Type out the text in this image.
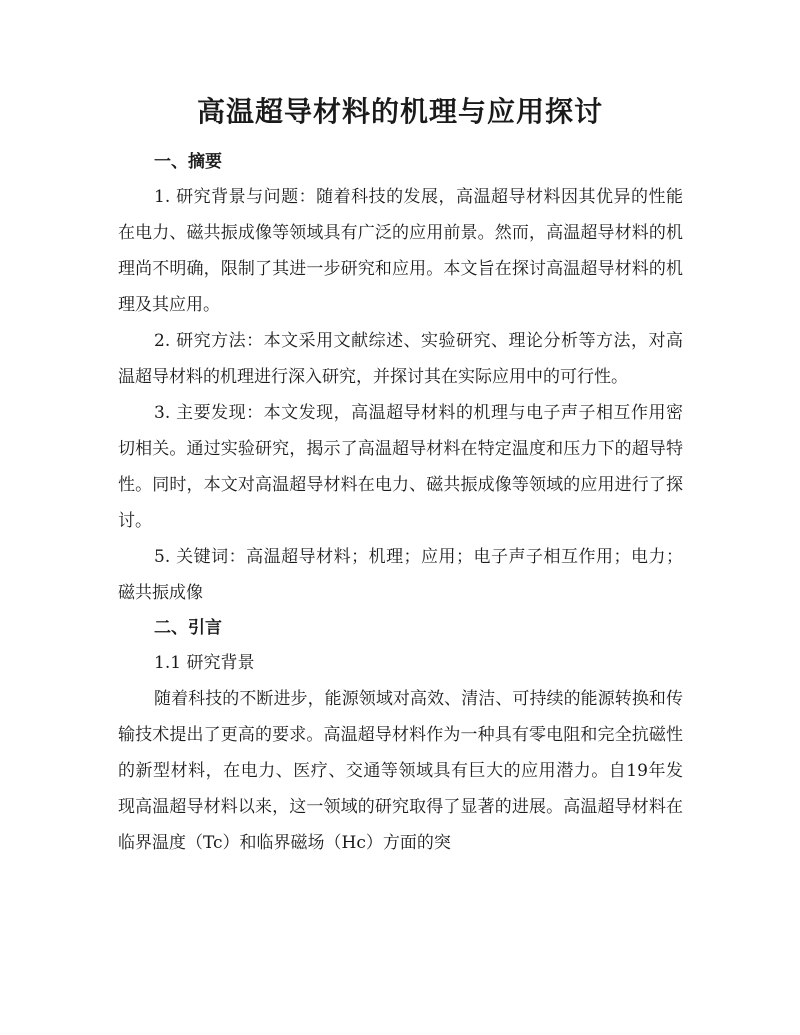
高温超导材料的机理与应用探讨

一、摘要

1. 研究背景与问题：随着科技的发展，高温超导材料因其优异的性能在电力、磁共振成像等领域具有广泛的应用前景。然而，高温超导材料的机理尚不明确，限制了其进一步研究和应用。本文旨在探讨高温超导材料的机理及其应用。

2. 研究方法：本文采用文献综述、实验研究、理论分析等方法，对高温超导材料的机理进行深入研究，并探讨其在实际应用中的可行性。

3. 主要发现：本文发现，高温超导材料的机理与电子声子相互作用密切相关。通过实验研究，揭示了高温超导材料在特定温度和压力下的超导特性。同时，本文对高温超导材料在电力、磁共振成像等领域的应用进行了探讨。

5. 关键词：高温超导材料；机理；应用；电子声子相互作用；电力；磁共振成像

二、引言

1.1 研究背景

随着科技的不断进步，能源领域对高效、清洁、可持续的能源转换和传输技术提出了更高的要求。高温超导材料作为一种具有零电阻和完全抗磁性的新型材料，在电力、医疗、交通等领域具有巨大的应用潜力。自19年发现高温超导材料以来，这一领域的研究取得了显著的进展。高温超导材料在临界温度（Tc）和临界磁场（Hc）方面的突
